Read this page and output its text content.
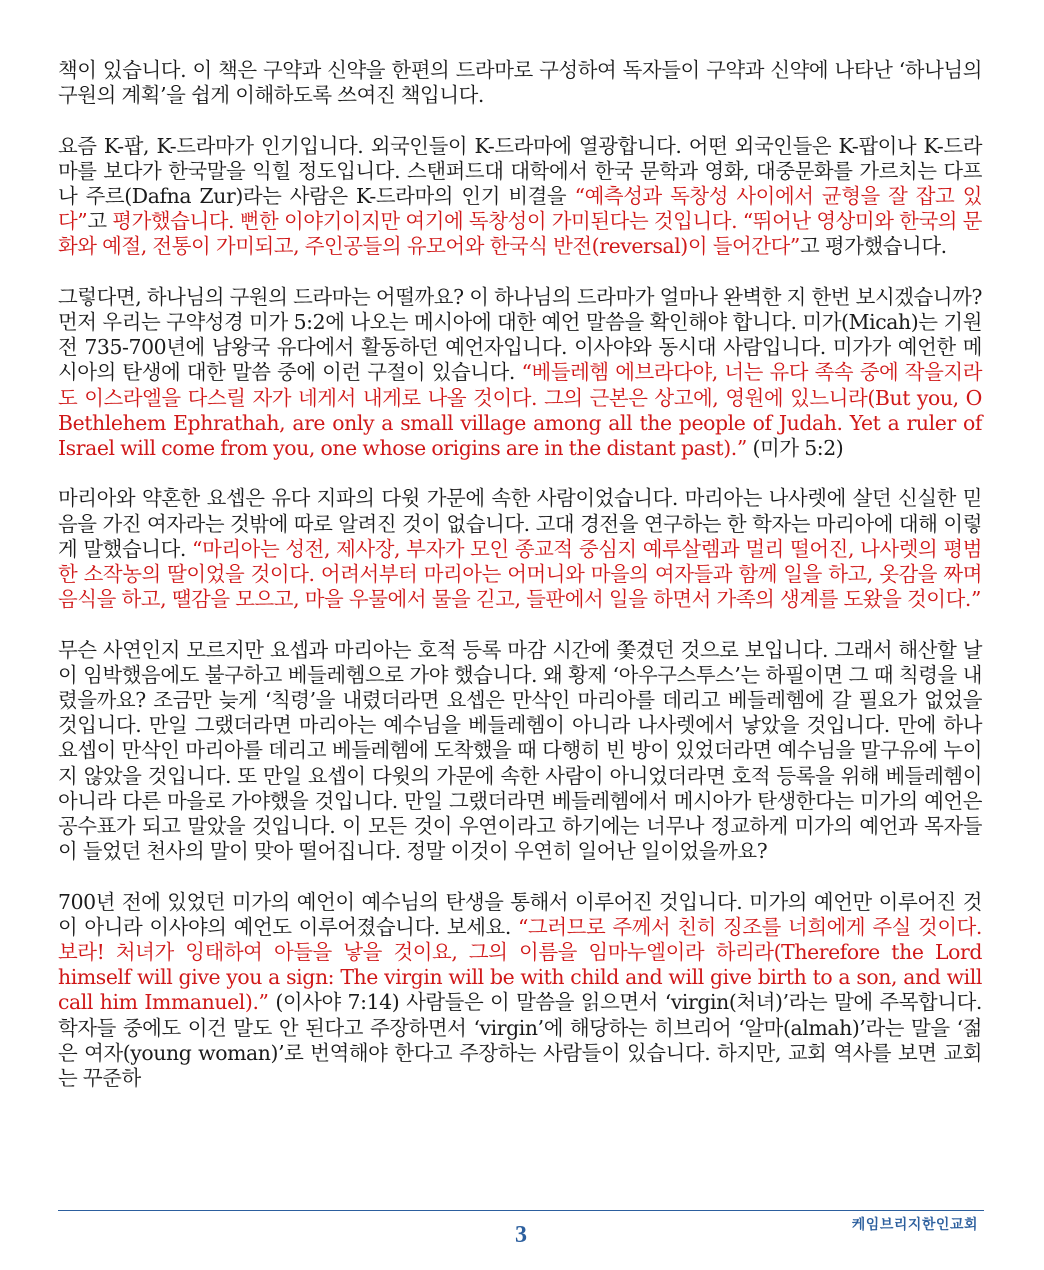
책이 있습니다. 이 책은 구약과 신약을 한편의 드라마로 구성하여 독자들이 구약과 신약에 나타난 ‘하나님의 구원의 계획’을 쉽게 이해하도록 쓰여진 책입니다.

요즘 K-팝, K-드라마가 인기입니다. 외국인들이 K-드라마에 열광합니다. 어떤 외국인들은 K-팝이나 K-드라마를 보다가 한국말을 익힐 정도입니다. 스탠퍼드대 대학에서 한국 문학과 영화, 대중문화를 가르치는 다프나 주르(Dafna Zur)라는 사람은 K-드라마의 인기 비결을 “예측성과 독창성 사이에서 균형을 잘 잡고 있다”고 평가했습니다. 뻔한 이야기이지만 여기에 독창성이 가미된다는 것입니다. “뛰어난 영상미와 한국의 문화와 예절, 전통이 가미되고, 주인공들의 유모어와 한국식 반전(reversal)이 들어간다”고 평가했습니다.

그렇다면, 하나님의 구원의 드라마는 어떨까요? 이 하나님의 드라마가 얼마나 완벽한 지 한번 보시겠습니까? 먼저 우리는 구약성경 미가 5:2에 나오는 메시아에 대한 예언 말씀을 확인해야 합니다. 미가(Micah)는 기원전 735-700년에 남왕국 유다에서 활동하던 예언자입니다. 이사야와 동시대 사람입니다. 미가가 예언한 메시아의 탄생에 대한 말씀 중에 이런 구절이 있습니다. “베들레헴 에브라다야, 너는 유다 족속 중에 작을지라도 이스라엘을 다스릴 자가 네게서 내게로 나올 것이다. 그의 근본은 상고에, 영원에 있느니라(But you, O Bethlehem Ephrathah, are only a small village among all the people of Judah. Yet a ruler of Israel will come from you, one whose origins are in the distant past).” (미가 5:2)

마리아와 약혼한 요셉은 유다 지파의 다윗 가문에 속한 사람이었습니다. 마리아는 나사렛에 살던 신실한 믿음을 가진 여자라는 것밖에 따로 알려진 것이 없습니다. 고대 경전을 연구하는 한 학자는 마리아에 대해 이렇게 말했습니다. “마리아는 성전, 제사장, 부자가 모인 종교적 중심지 예루살렘과 멀리 떨어진, 나사렛의 평범한 소작농의 딸이었을 것이다. 어려서부터 마리아는 어머니와 마을의 여자들과 함께 일을 하고, 옷감을 짜며 음식을 하고, 땔감을 모으고, 마을 우물에서 물을 긷고, 들판에서 일을 하면서 가족의 생계를 도왔을 것이다.”

무슨 사연인지 모르지만 요셉과 마리아는 호적 등록 마감 시간에 쫓겼던 것으로 보입니다. 그래서 해산할 날이 임박했음에도 불구하고 베들레헴으로 가야 했습니다. 왜 황제 ‘아우구스투스’는 하필이면 그 때 칙령을 내렸을까요? 조금만 늦게 ‘칙령’을 내렸더라면 요셉은 만삭인 마리아를 데리고 베들레헴에 갈 필요가 없었을 것입니다. 만일 그랬더라면 마리아는 예수님을 베들레헴이 아니라 나사렛에서 낳았을 것입니다. 만에 하나 요셉이 만삭인 마리아를 데리고 베들레헴에 도착했을 때 다행히 빈 방이 있었더라면 예수님을 말구유에 누이지 않았을 것입니다. 또 만일 요셉이 다윗의 가문에 속한 사람이 아니었더라면 호적 등록을 위해 베들레헴이 아니라 다른 마을로 가야했을 것입니다. 만일 그랬더라면 베들레헴에서 메시아가 탄생한다는 미가의 예언은 공수표가 되고 말았을 것입니다. 이 모든 것이 우연이라고 하기에는 너무나 정교하게 미가의 예언과 목자들이 들었던 천사의 말이 맞아 떨어집니다. 정말 이것이 우연히 일어난 일이었을까요?

700년 전에 있었던 미가의 예언이 예수님의 탄생을 통해서 이루어진 것입니다. 미가의 예언만 이루어진 것이 아니라 이사야의 예언도 이루어졌습니다. 보세요. “그러므로 주께서 친히 징조를 너희에게 주실 것이다. 보라! 처녀가 잉태하여 아들을 낳을 것이요, 그의 이름을 임마누엘이라 하리라(Therefore the Lord himself will give you a sign: The virgin will be with child and will give birth to a son, and will call him Immanuel).” (이사야 7:14) 사람들은 이 말씀을 읽으면서 ‘virgin(처녀)’라는 말에 주목합니다. 학자들 중에도 이건 말도 안 된다고 주장하면서 ‘virgin’에 해당하는 히브리어 ‘알마(almah)’라는 말을 ‘젊은 여자(young woman)’로 번역해야 한다고 주장하는 사람들이 있습니다. 하지만, 교회 역사를 보면 교회는 꾸준하

케임브리지한인교회
3
